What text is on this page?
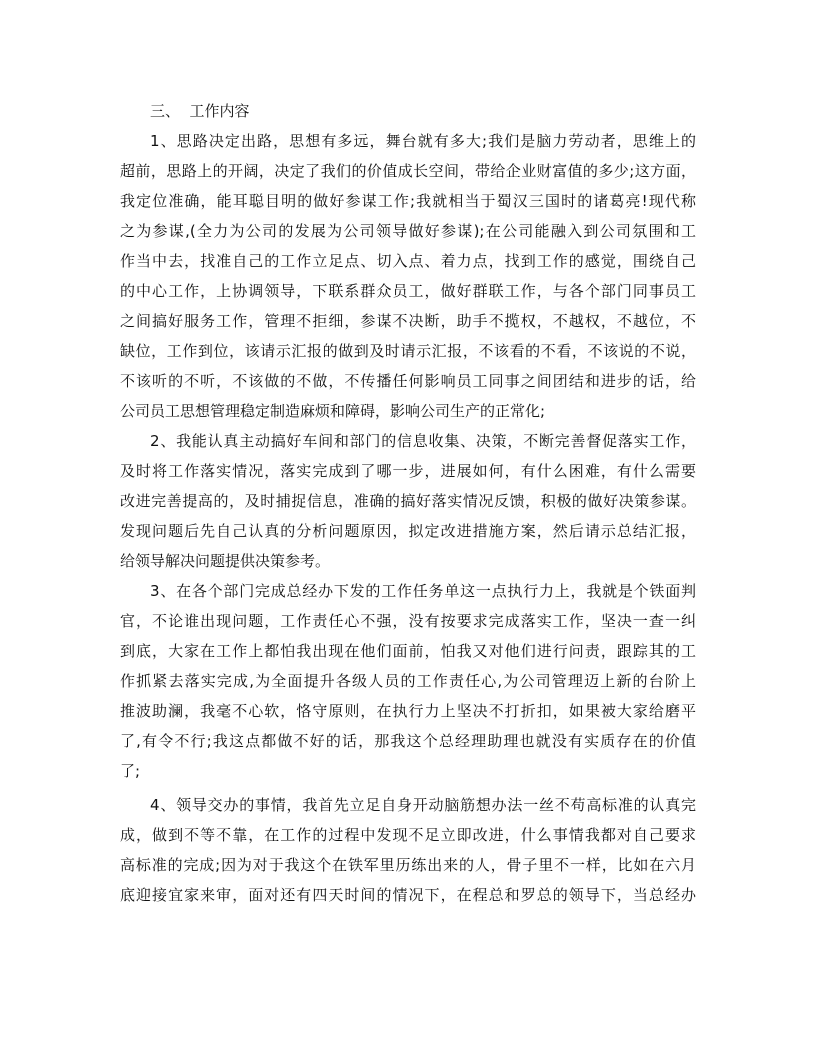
三、  工作内容

1、思路决定出路，思想有多远，舞台就有多大;我们是脑力劳动者，思维上的
超前，思路上的开阔，决定了我们的价值成长空间，带给企业财富值的多少;这方面，
我定位准确，能耳聪目明的做好参谋工作;我就相当于蜀汉三国时的诸葛亮!现代称
之为参谋,(全力为公司的发展为公司领导做好参谋);在公司能融入到公司氛围和工
作当中去，找准自己的工作立足点、切入点、着力点，找到工作的感觉，围绕自己
的中心工作，上协调领导，下联系群众员工，做好群联工作，与各个部门同事员工
之间搞好服务工作，管理不拒细，参谋不决断，助手不揽权，不越权，不越位，不
缺位，工作到位，该请示汇报的做到及时请示汇报，不该看的不看，不该说的不说，
不该听的不听，不该做的不做，不传播任何影响员工同事之间团结和进步的话，给
公司员工思想管理稳定制造麻烦和障碍，影响公司生产的正常化;
2、我能认真主动搞好车间和部门的信息收集、决策，不断完善督促落实工作，
及时将工作落实情况，落实完成到了哪一步，进展如何，有什么困难，有什么需要
改进完善提高的，及时捕捉信息，准确的搞好落实情况反馈，积极的做好决策参谋。
发现问题后先自己认真的分析问题原因，拟定改进措施方案，然后请示总结汇报，
给领导解决问题提供决策参考。
3、在各个部门完成总经办下发的工作任务单这一点执行力上，我就是个铁面判
官，不论谁出现问题，工作责任心不强，没有按要求完成落实工作，坚决一查一纠
到底，大家在工作上都怕我出现在他们面前，怕我又对他们进行问责，跟踪其的工
作抓紧去落实完成,为全面提升各级人员的工作责任心,为公司管理迈上新的台阶上
推波助澜，我毫不心软，恪守原则，在执行力上坚决不打折扣，如果被大家给磨平
了,有令不行;我这点都做不好的话，那我这个总经理助理也就没有实质存在的价值
了;
4、领导交办的事情，我首先立足自身开动脑筋想办法一丝不苟高标准的认真完
成，做到不等不靠，在工作的过程中发现不足立即改进，什么事情我都对自己要求
高标准的完成;因为对于我这个在铁军里历练出来的人，骨子里不一样，比如在六月
底迎接宜家来审，面对还有四天时间的情况下，在程总和罗总的领导下，当总经办
